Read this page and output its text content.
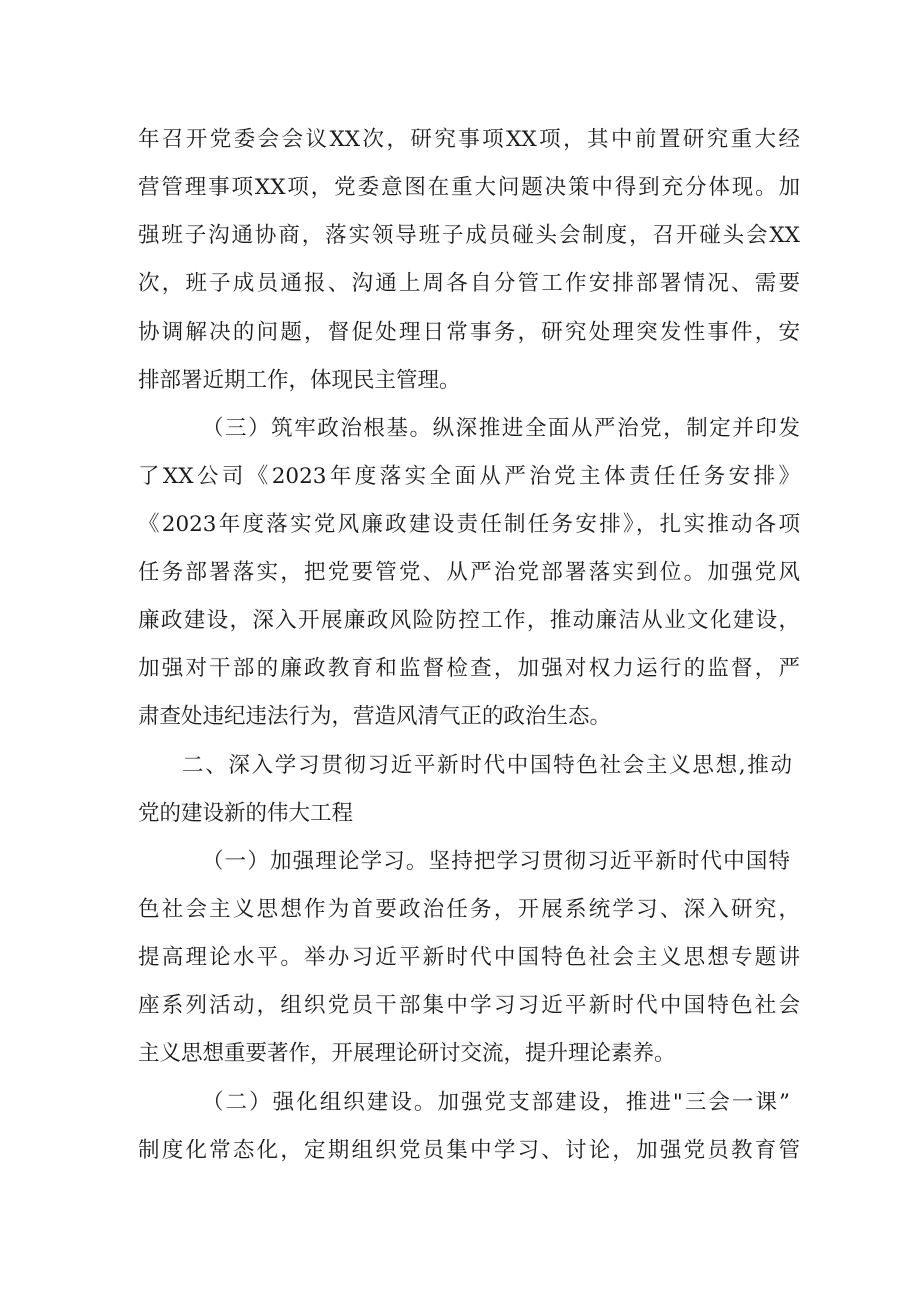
年召开党委会会议XX次，研究事项XX项，其中前置研究重大经
营管理事项XX项，党委意图在重大问题决策中得到充分体现。加
强班子沟通协商，落实领导班子成员碰头会制度，召开碰头会XX
次，班子成员通报、沟通上周各自分管工作安排部署情况、需要
协调解决的问题，督促处理日常事务，研究处理突发性事件，安
排部署近期工作，体现民主管理。
（三）筑牢政治根基。纵深推进全面从严治党，制定并印发
了XX公司《2023年度落实全面从严治党主体责任任务安排》
《2023年度落实党风廉政建设责任制任务安排》，扎实推动各项
任务部署落实，把党要管党、从严治党部署落实到位。加强党风
廉政建设，深入开展廉政风险防控工作，推动廉洁从业文化建设，
加强对干部的廉政教育和监督检查，加强对权力运行的监督，严
肃查处违纪违法行为，营造风清气正的政治生态。
二、深入学习贯彻习近平新时代中国特色社会主义思想,推动
党的建设新的伟大工程
（一）加强理论学习。坚持把学习贯彻习近平新时代中国特
色社会主义思想作为首要政治任务，开展系统学习、深入研究，
提高理论水平。举办习近平新时代中国特色社会主义思想专题讲
座系列活动，组织党员干部集中学习习近平新时代中国特色社会
主义思想重要著作，开展理论研讨交流，提升理论素养。
（二）强化组织建设。加强党支部建设，推进"三会一课”
制度化常态化，定期组织党员集中学习、讨论，加强党员教育管
